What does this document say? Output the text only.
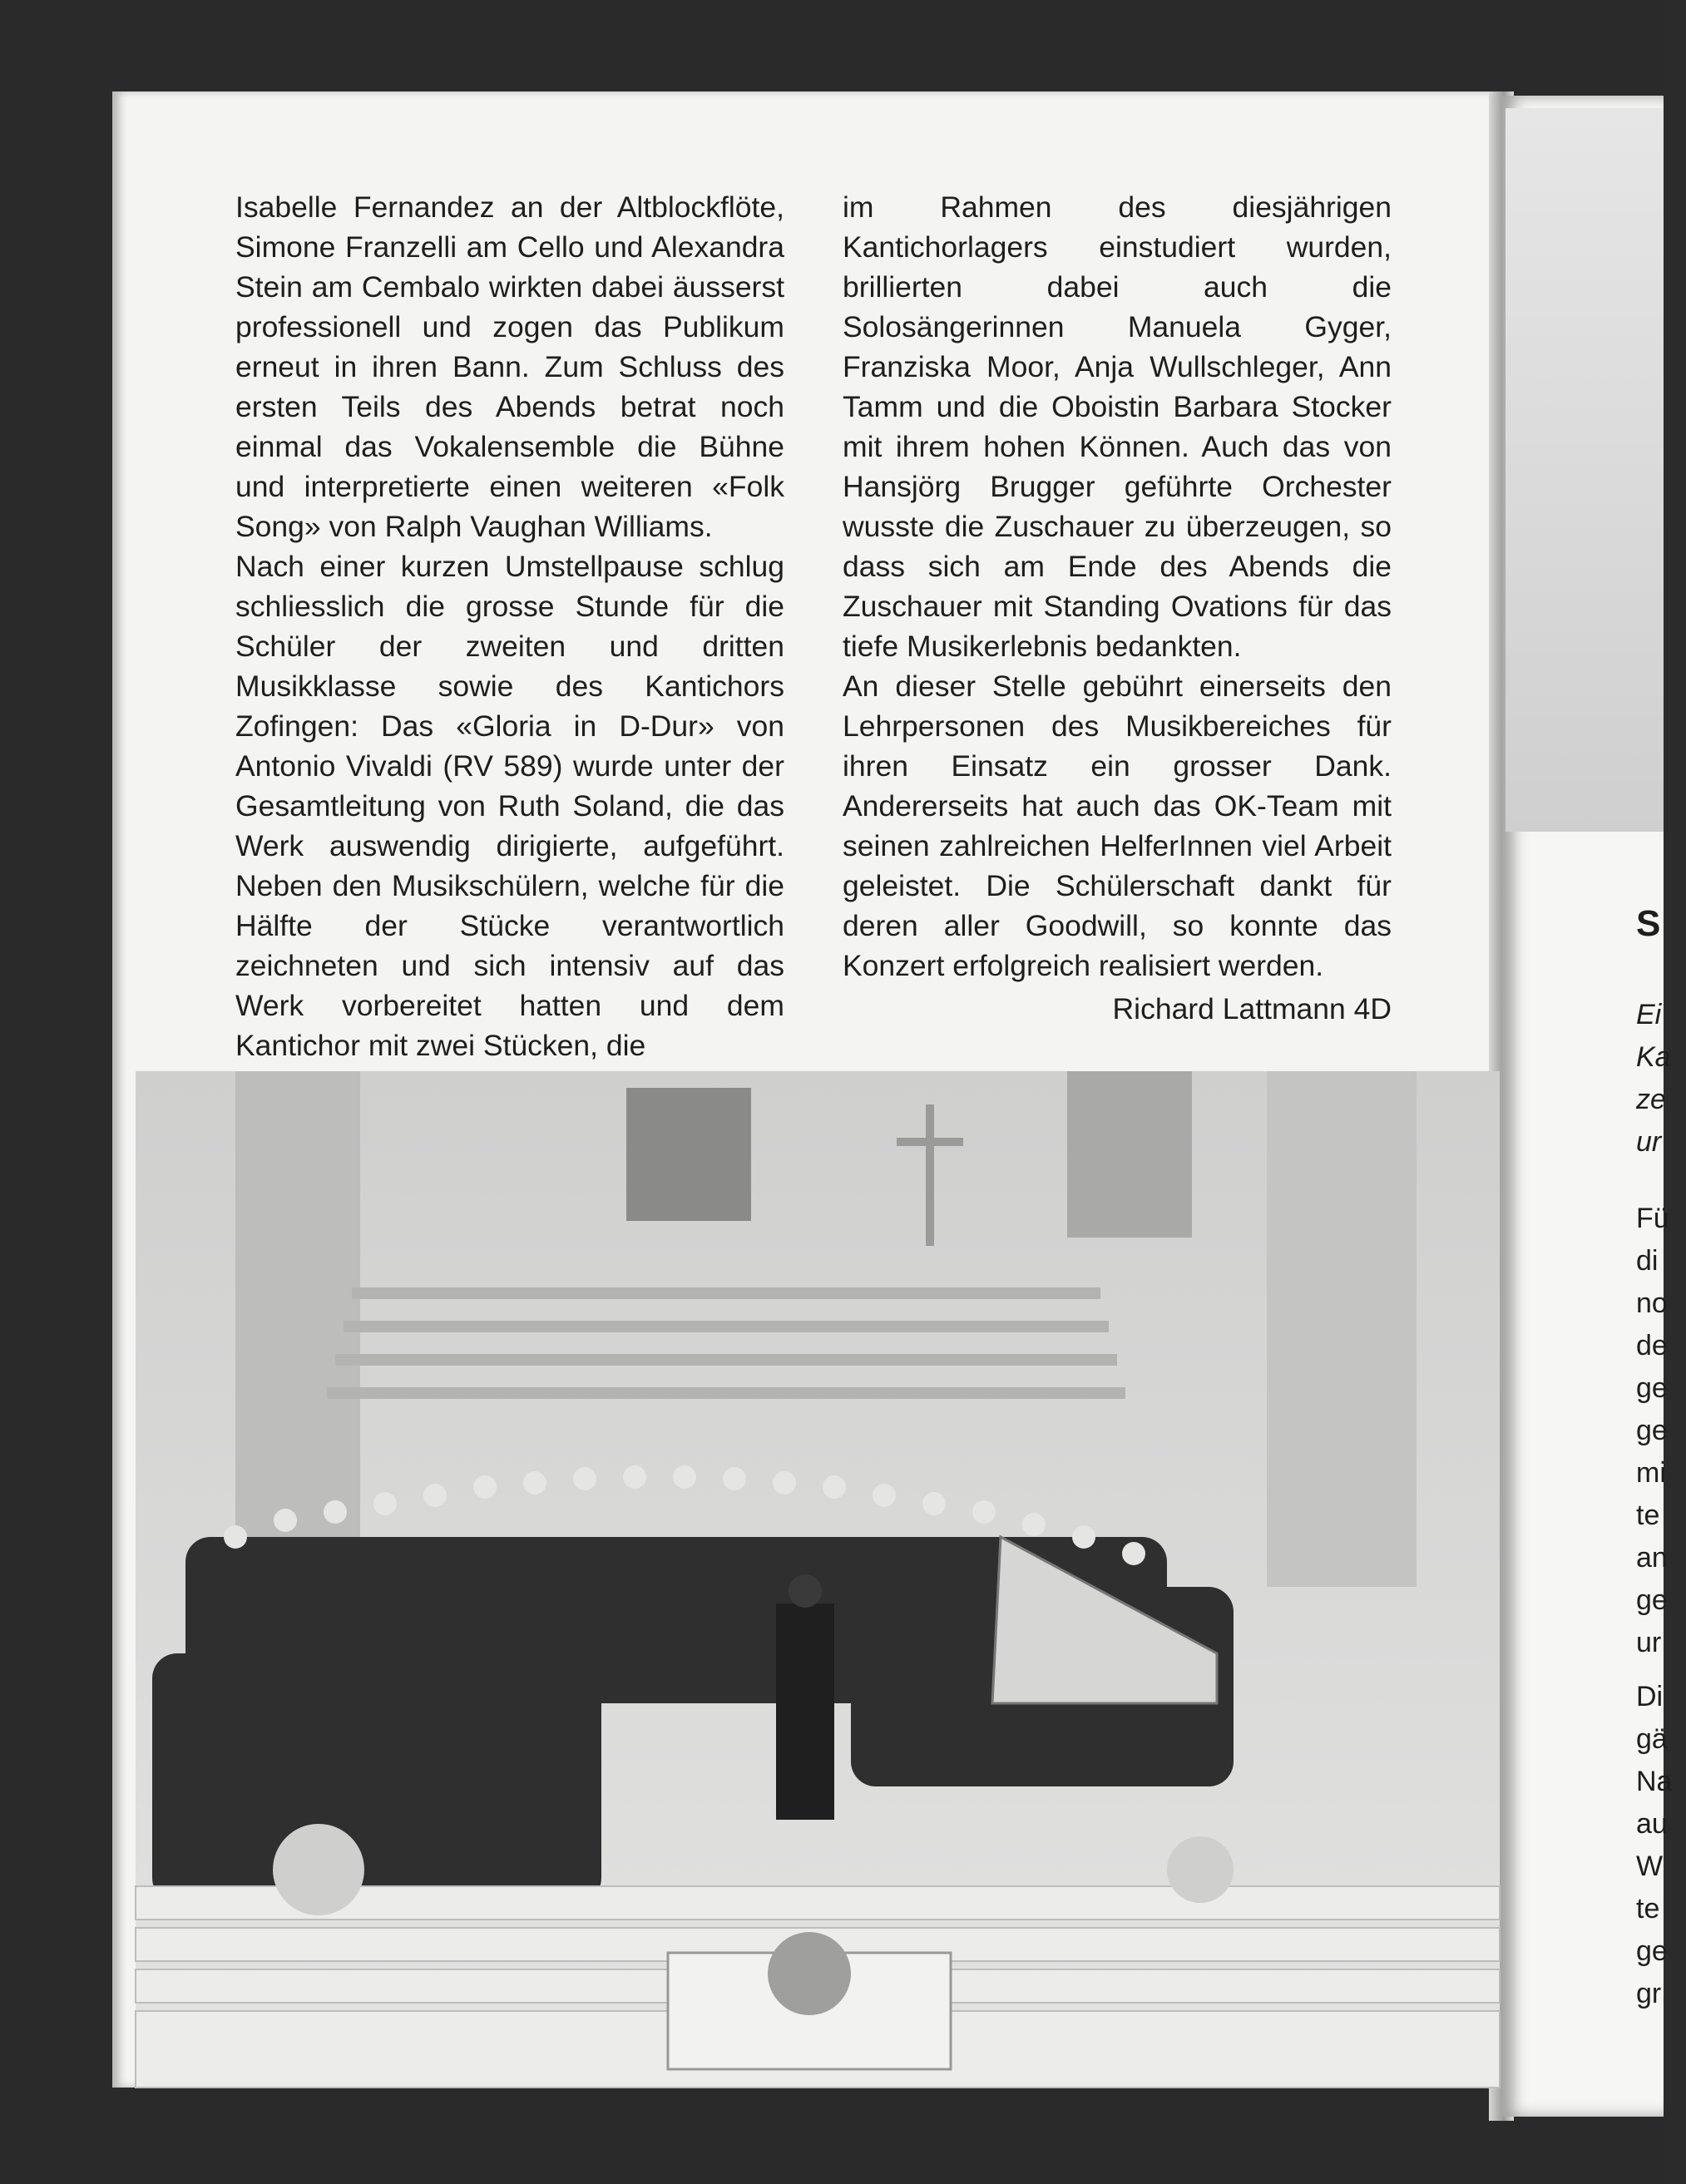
Isabelle Fernandez an der Altblockflöte, Simone Franzelli am Cello und Alexandra Stein am Cembalo wirkten dabei äusserst professionell und zogen das Publikum erneut in ihren Bann. Zum Schluss des ersten Teils des Abends betrat noch einmal das Vokalensemble die Bühne und interpretierte einen weiteren «Folk Song» von Ralph Vaughan Williams.

Nach einer kurzen Umstellpause schlug schliesslich die grosse Stunde für die Schüler der zweiten und dritten Musikklasse sowie des Kantichors Zofingen: Das «Gloria in D-Dur» von Antonio Vivaldi (RV 589) wurde unter der Gesamtleitung von Ruth Soland, die das Werk auswendig dirigierte, aufgeführt. Neben den Musikschülern, welche für die Hälfte der Stücke verantwortlich zeichneten und sich intensiv auf das Werk vorbereitet hatten und dem Kantichor mit zwei Stücken, die

im Rahmen des diesjährigen Kantichorlagers einstudiert wurden, brillierten dabei auch die Solosängerinnen Manuela Gyger, Franziska Moor, Anja Wullschleger, Ann Tamm und die Oboistin Barbara Stocker mit ihrem hohen Können. Auch das von Hansjörg Brugger geführte Orchester wusste die Zuschauer zu überzeugen, so dass sich am Ende des Abends die Zuschauer mit Standing Ovations für das tiefe Musikerlebnis bedankten.

An dieser Stelle gebührt einerseits den Lehrpersonen des Musikbereiches für ihren Einsatz ein grosser Dank. Andererseits hat auch das OK-Team mit seinen zahlreichen HelferInnen viel Arbeit geleistet. Die Schülerschaft dankt für deren aller Goodwill, so konnte das Konzert erfolgreich realisiert werden.

Richard Lattmann 4D
S
Ei
Ka
ze
ur
Fü
di
no
de
ge
ge
mi
te
an
ge
ur
Di
gä
Na
au
W
te
ge
gr
